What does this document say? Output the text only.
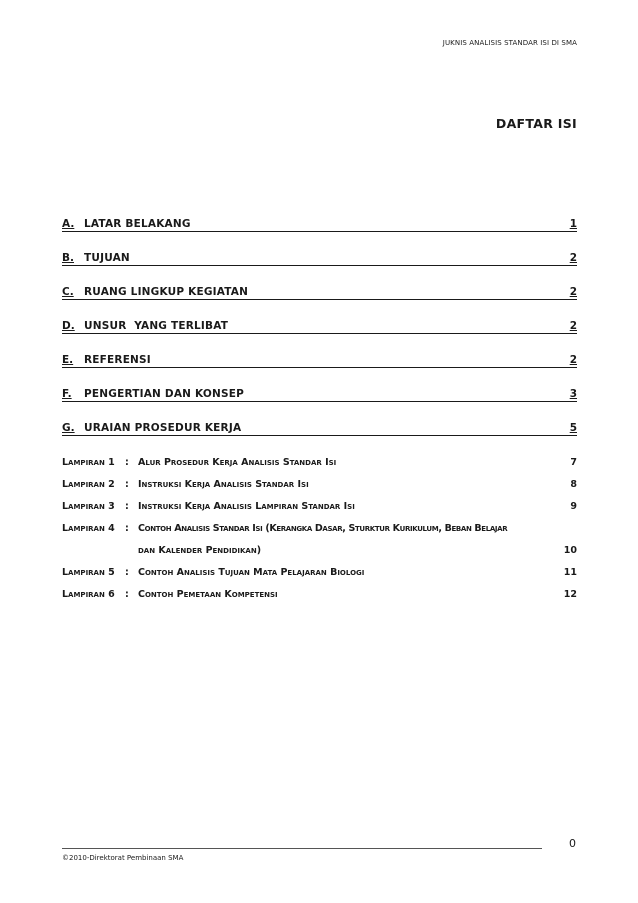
JUKNIS ANALISIS STANDAR ISI DI SMA
DAFTAR ISI
A. LATAR BELAKANG	1
B. TUJUAN	2
C. RUANG LINGKUP KEGIATAN	2
D. UNSUR  YANG TERLIBAT	2
E. REFERENSI	2
F. PENGERTIAN DAN KONSEP	3
G. URAIAN PROSEDUR KERJA	5
Lampiran 1 : Alur Prosedur Kerja Analisis Standar Isi	7
Lampiran 2 : Instruksi Kerja Analisis Standar Isi	8
Lampiran 3 : Instruksi Kerja Analisis Lampiran Standar Isi	9
Lampiran 4 : Contoh Analisis Standar Isi (Kerangka Dasar, Sturktur Kurikulum, Beban Belajar
dan Kalender Pendidikan)	10
Lampiran 5 : Contoh Analisis Tujuan Mata Pelajaran Biologi	11
Lampiran 6 : Contoh Pemetaan Kompetensi	12
0
©2010-Direktorat Pembinaan SMA
